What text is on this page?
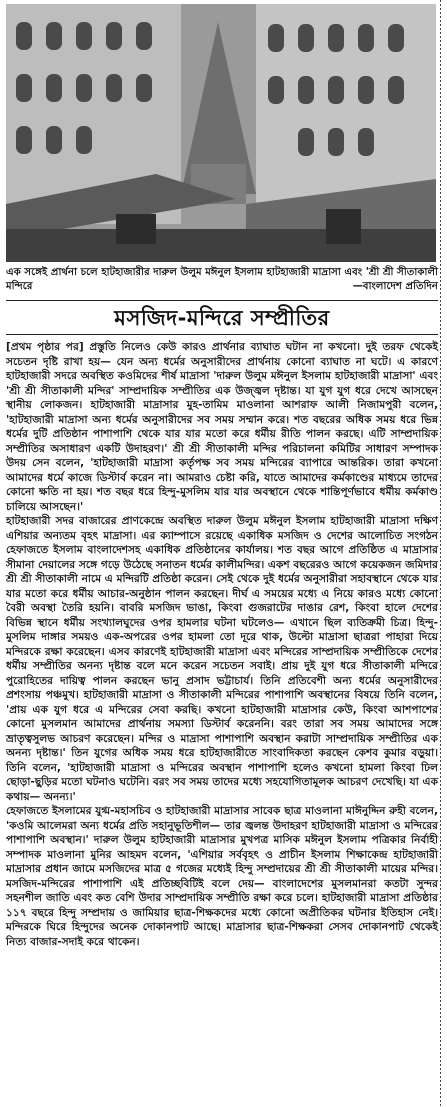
এক সঙ্গেই প্রার্থনা চলে হাটহাজারীর দারুল উলুম মঈনুল ইসলাম হাটহাজারী মাদ্রাসা এবং 'শ্রী শ্রী সীতাকালী মন্দিরে	—বাংলাদেশ প্রতিদিন
মসজিদ-মন্দিরে সম্প্রীতির

[প্রথম পৃষ্ঠার পর] প্রস্তুতি নিলেও কেউ কারও প্রার্থনার ব্যাঘাত ঘটান না কখনো। দুই তরফ থেকেই সচেতন দৃষ্টি রাখা হয়— যেন অন্য ধর্মের অনুসারীদের প্রার্থনায় কোনো ব্যাঘাত না ঘটে। এ কারণে হাটহাজারী সদরে অবস্থিত কওমিদের শীর্ষ মাদ্রাসা 'দারুল উলুম মঈনুল ইসলাম হাটহাজারী মাদ্রাসা' এবং 'শ্রী শ্রী সীতাকালী মন্দির' সাম্প্রদায়িক সম্প্রীতির এক উজ্জ্বল দৃষ্টান্ত। যা যুগ যুগ ধরে দেখে আসছেন স্থানীয় লোকজন। হাটহাজারী মাদ্রাসার মুহ-তামিম মাওলানা আশরাফ আলী নিজামপুরী বলেন, 'হাটহাজারী মাদ্রাসা অন্য ধর্মের অনুসারীদের সব সময় সম্মান করে। শত বছরের অধিক সময় ধরে ভিন্ন ধর্মের দুটি প্রতিষ্ঠান পাশাপাশি থেকে যার যার মতো করে ধর্মীয় রীতি পালন করছে। এটি সাম্প্রদায়িক সম্প্রীতির অসাধারণ একটি উদাহরণ।' শ্রী শ্রী সীতাকালী মন্দির পরিচালনা কমিটির সাধারণ সম্পাদক উদয় সেন বলেন, 'হাটহাজারী মাদ্রাসা কর্তৃপক্ষ সব সময় মন্দিরের ব্যাপারে আন্তরিক। তারা কখনো আমাদের ধর্মে কাজে ডিস্টার্ব করেন না। আমরাও চেষ্টা করি, যাতে আমাদের কর্মকাণ্ডের মাধ্যমে তাদের কোনো ক্ষতি না হয়। শত বছর ধরে হিন্দু-মুসলিম যার যার অবস্থানে থেকে শান্তিপূর্ণভাবে ধর্মীয় কর্মকাণ্ড চালিয়ে আসছেন।'

হাটহাজারী সদর বাজারের প্রাণকেন্দ্রে অবস্থিত দারুল উলুম মঈনুল ইসলাম হাটহাজারী মাদ্রাসা দক্ষিণ এশিয়ার অন্যতম বৃহৎ মাদ্রাসা। এর ক্যাম্পাসে রয়েছে একাধিক মসজিদ ও দেশের আলোচিত সংগঠন হেফাজতে ইসলাম বাংলাদেশসহ একাধিক প্রতিষ্ঠানের কার্যালয়। শত বছর আগে প্রতিষ্ঠিত এ মাদ্রাসার সীমানা দেয়ালের সঙ্গে গড়ে উঠেছে সনাতন ধর্মের কালীমন্দির। একশ বছরেরও আগে কয়েকজন জমিদার শ্রী শ্রী সীতাকালী নামে এ মন্দিরটি প্রতিষ্ঠা করেন। সেই থেকে দুই ধর্মের অনুসারীরা সহাবস্থানে থেকে যার যার মতো করে ধর্মীয় আচার-অনুষ্ঠান পালন করছেন। দীর্ঘ এ সময়ের মধ্যে এ নিয়ে কারও মধ্যে কোনো বৈরী অবস্থা তৈরি হয়নি। বাবরি মসজিদ ভাঙা, কিংবা গুজরাটের দাঙার রেশ, কিংবা হালে দেশের বিভিন্ন স্থানে ধর্মীয় সংখ্যালঘুদের ওপর হামলার ঘটনা ঘটলেও— এখানে ছিল ব্যতিক্রমী চিত্র। হিন্দু-মুসলিম দাঙ্গার সময়ও এক-অপরের ওপর হামলা তো দূরে থাক, উল্টো মাদ্রাসা ছাত্ররা পাহারা দিয়ে মন্দিরকে রক্ষা করেছেন। এসব কারণেই হাটহাজারী মাদ্রাসা এবং মন্দিরের সাম্প্রদায়িক সম্প্রীতিকে দেশের ধর্মীয় সম্প্রীতির অনন্য দৃষ্টান্ত বলে মনে করেন সচেতন সবাই। প্রায় দুই যুগ ধরে সীতাকালী মন্দিরে পুরোহিতের দায়িত্ব পালন করছেন ভানু প্রসাদ ভট্টাচার্য। তিনি প্রতিবেশী অন্য ধর্মের অনুসারীদের প্রশংসায় পঞ্চমুখ। হাটহাজারী মাদ্রাসা ও সীতাকালী মন্দিরের পাশাপাশি অবস্থানের বিষয়ে তিনি বলেন, 'প্রায় এক যুগ ধরে এ মন্দিরের সেবা করছি। কখনো হাটহাজারী মাদ্রাসার কেউ, কিংবা আশপাশের কোনো মুসলমান আমাদের প্রার্থনায় সমস্যা ডিস্টার্ব করেননি। বরং তারা সব সময় আমাদের সঙ্গে ভ্রাতৃত্বসুলভ আচরণ করেছেন। মন্দির ও মাদ্রাসা পাশাপাশি অবস্থান করাটা সাম্প্রদায়িক সম্প্রীতির এক অনন্য দৃষ্টান্ত।' তিন যুগের অধিক সময় ধরে হাটহাজারীতে সাংবাদিকতা করছেন কেশব কুমার বড়ুয়া। তিনি বলেন, 'হাটহাজারী মাদ্রাসা ও মন্দিরের অবস্থান পাশাপাশি হলেও কখনো হামলা কিংবা ঢিল ছোড়া-ছুড়ির মতো ঘটনাও ঘটেনি। বরং সব সময় তাদের মধ্যে সহযোগিতামূলক আচরণ দেখেছি। যা এক কথায়— অনন্য।'

হেফাজতে ইসলামের যুগ্ম-মহাসচিব ও হাটহাজারী মাদ্রাসার সাবেক ছাত্র মাওলানা মাঈনুদ্দিন রুহী বলেন, 'কওমি আলেমরা অন্য ধর্মের প্রতি সহানুভূতিশীল— তার জ্বলন্ত উদাহরণ হাটহাজারী মাদ্রাসা ও মন্দিরের পাশাপাশি অবস্থান।' দারুল উলুম হাটহাজারী মাদ্রাসার মুখপত্র মাসিক মঈনুল ইসলাম পত্রিকার নির্বাহী সম্পাদক মাওলানা মুনির আহমদ বলেন, 'এশিয়ার সর্ববৃহৎ ও প্রাচীন ইসলাম শিক্ষাকেন্দ্র হাটহাজারী মাদ্রাসার প্রধান জামে মসজিদের মাত্র ৫ গজের মধ্যেই হিন্দু সম্প্রদায়ের শ্রী শ্রী সীতাকালী মায়ের মন্দির। মসজিদ-মন্দিরের পাশাপাশি এই প্রতিচ্ছবিটিই বলে দেয়— বাংলাদেশের মুসলমানরা কতটা সুন্দর সহনশীল জাতি এবং কত বেশি উদার সাম্প্রদায়িক সম্প্রীতি রক্ষা করে চলে। হাটহাজারী মাদ্রাসা প্রতিষ্ঠার ১১৭ বছরে হিন্দু সম্প্রদায় ও জামিয়ার ছাত্র-শিক্ষকদের মধ্যে কোনো অপ্রীতিকর ঘটনার ইতিহাস নেই। মন্দিরকে ঘিরে হিন্দুদের অনেক দোকানপাট আছে। মাদ্রাসার ছাত্র-শিক্ষকরা সেসব দোকানপাট থেকেই নিত্য বাজার-সদাই করে থাকেন।
